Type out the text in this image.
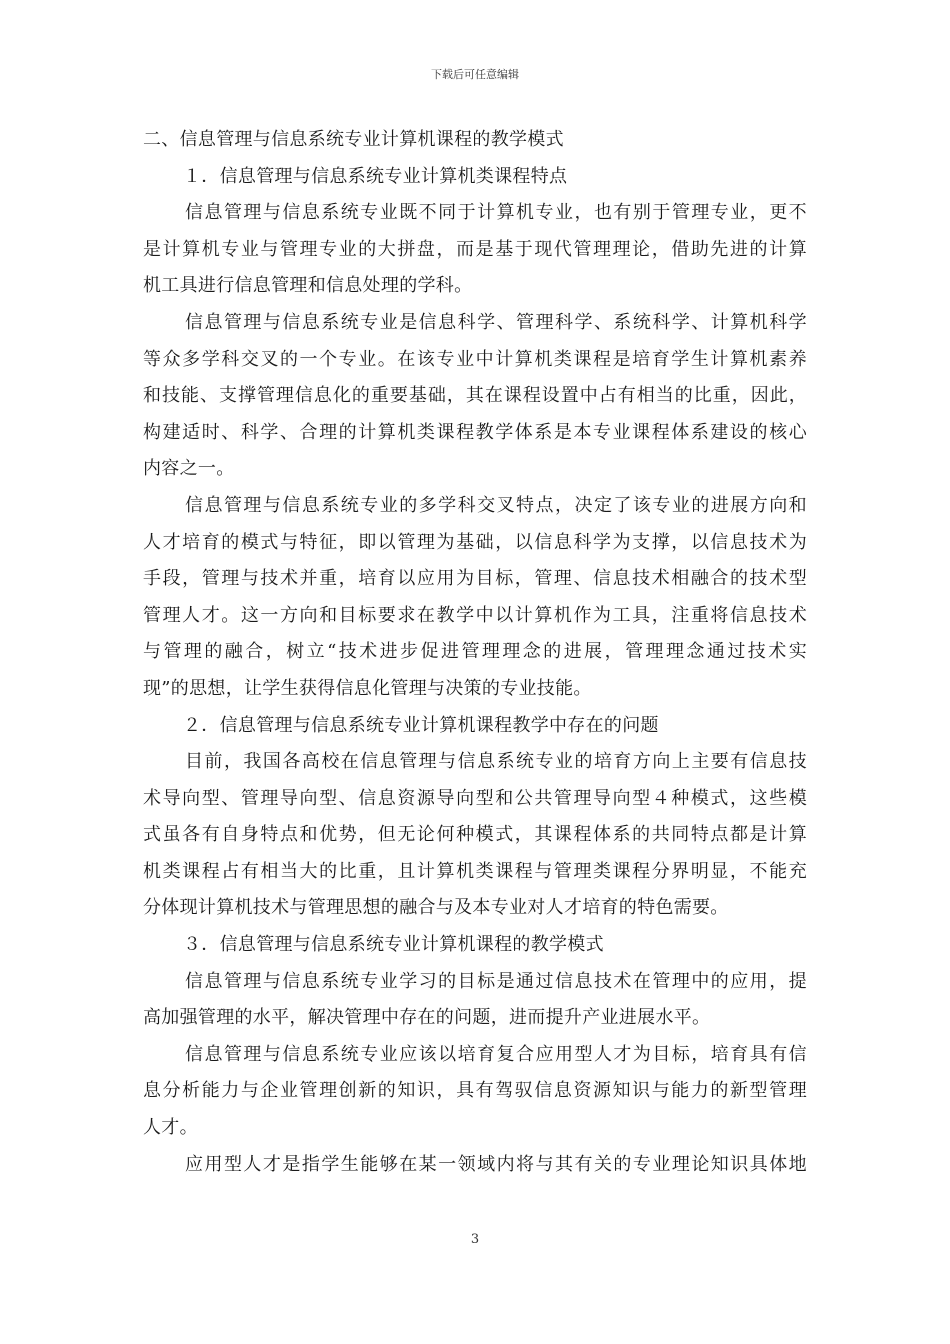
下载后可任意编辑
二、信息管理与信息系统专业计算机课程的教学模式
１．信息管理与信息系统专业计算机类课程特点
信息管理与信息系统专业既不同于计算机专业，也有别于管理专业，更不
是计算机专业与管理专业的大拼盘，而是基于现代管理理论，借助先进的计算
机工具进行信息管理和信息处理的学科。
信息管理与信息系统专业是信息科学、管理科学、系统科学、计算机科学
等众多学科交叉的一个专业。在该专业中计算机类课程是培育学生计算机素养
和技能、支撑管理信息化的重要基础，其在课程设置中占有相当的比重，因此，
构建适时、科学、合理的计算机类课程教学体系是本专业课程体系建设的核心
内容之一。
信息管理与信息系统专业的多学科交叉特点，决定了该专业的进展方向和
人才培育的模式与特征，即以管理为基础，以信息科学为支撑，以信息技术为
手段，管理与技术并重，培育以应用为目标，管理、信息技术相融合的技术型
管理人才。这一方向和目标要求在教学中以计算机作为工具，注重将信息技术
与管理的融合，树立“技术进步促进管理理念的进展，管理理念通过技术实
现”的思想，让学生获得信息化管理与决策的专业技能。
２．信息管理与信息系统专业计算机课程教学中存在的问题
目前，我国各高校在信息管理与信息系统专业的培育方向上主要有信息技
术导向型、管理导向型、信息资源导向型和公共管理导向型４种模式，这些模
式虽各有自身特点和优势，但无论何种模式，其课程体系的共同特点都是计算
机类课程占有相当大的比重，且计算机类课程与管理类课程分界明显，不能充
分体现计算机技术与管理思想的融合与及本专业对人才培育的特色需要。
３．信息管理与信息系统专业计算机课程的教学模式
信息管理与信息系统专业学习的目标是通过信息技术在管理中的应用，提
高加强管理的水平，解决管理中存在的问题，进而提升产业进展水平。
信息管理与信息系统专业应该以培育复合应用型人才为目标，培育具有信
息分析能力与企业管理创新的知识，具有驾驭信息资源知识与能力的新型管理
人才。
应用型人才是指学生能够在某一领域内将与其有关的专业理论知识具体地
3
